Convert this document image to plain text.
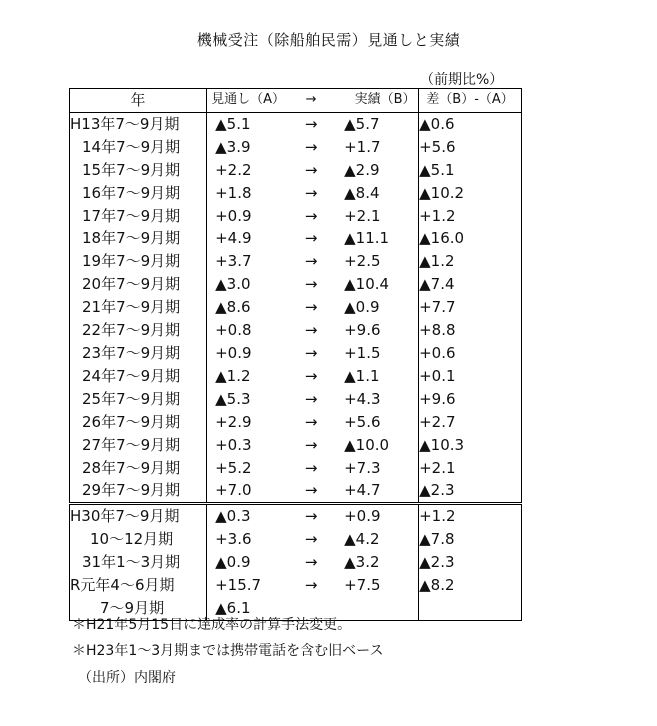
機械受注（除船舶民需）見通しと実績
（前期比%）
年	見通し（A） → 実績（B）	差（B）-（A）
H13年7～9月期	▲5.1 → ▲5.7	▲0.6
14年7～9月期	▲3.9 → +1.7	+5.6
15年7～9月期	+2.2 → ▲2.9	▲5.1
16年7～9月期	+1.8 → ▲8.4	▲10.2
17年7～9月期	+0.9 → +2.1	+1.2
18年7～9月期	+4.9 → ▲11.1	▲16.0
19年7～9月期	+3.7 → +2.5	▲1.2
20年7～9月期	▲3.0 → ▲10.4	▲7.4
21年7～9月期	▲8.6 → ▲0.9	+7.7
22年7～9月期	+0.8 → +9.6	+8.8
23年7～9月期	+0.9 → +1.5	+0.6
24年7～9月期	▲1.2 → ▲1.1	+0.1
25年7～9月期	▲5.3 → +4.3	+9.6
26年7～9月期	+2.9 → +5.6	+2.7
27年7～9月期	+0.3 → ▲10.0	▲10.3
28年7～9月期	+5.2 → +7.3	+2.1
29年7～9月期	+7.0 → +4.7	▲2.3
H30年7～9月期	▲0.3 → +0.9	+1.2
10～12月期	+3.6 → ▲4.2	▲7.8
31年1～3月期	▲0.9 → ▲3.2	▲2.3
R元年4～6月期	+15.7 → +7.5	▲8.2
7～9月期	▲6.1	

＊H21年5月15日に達成率の計算手法変更。
＊H23年1～3月期までは携帯電話を含む旧ベース
（出所）内閣府
